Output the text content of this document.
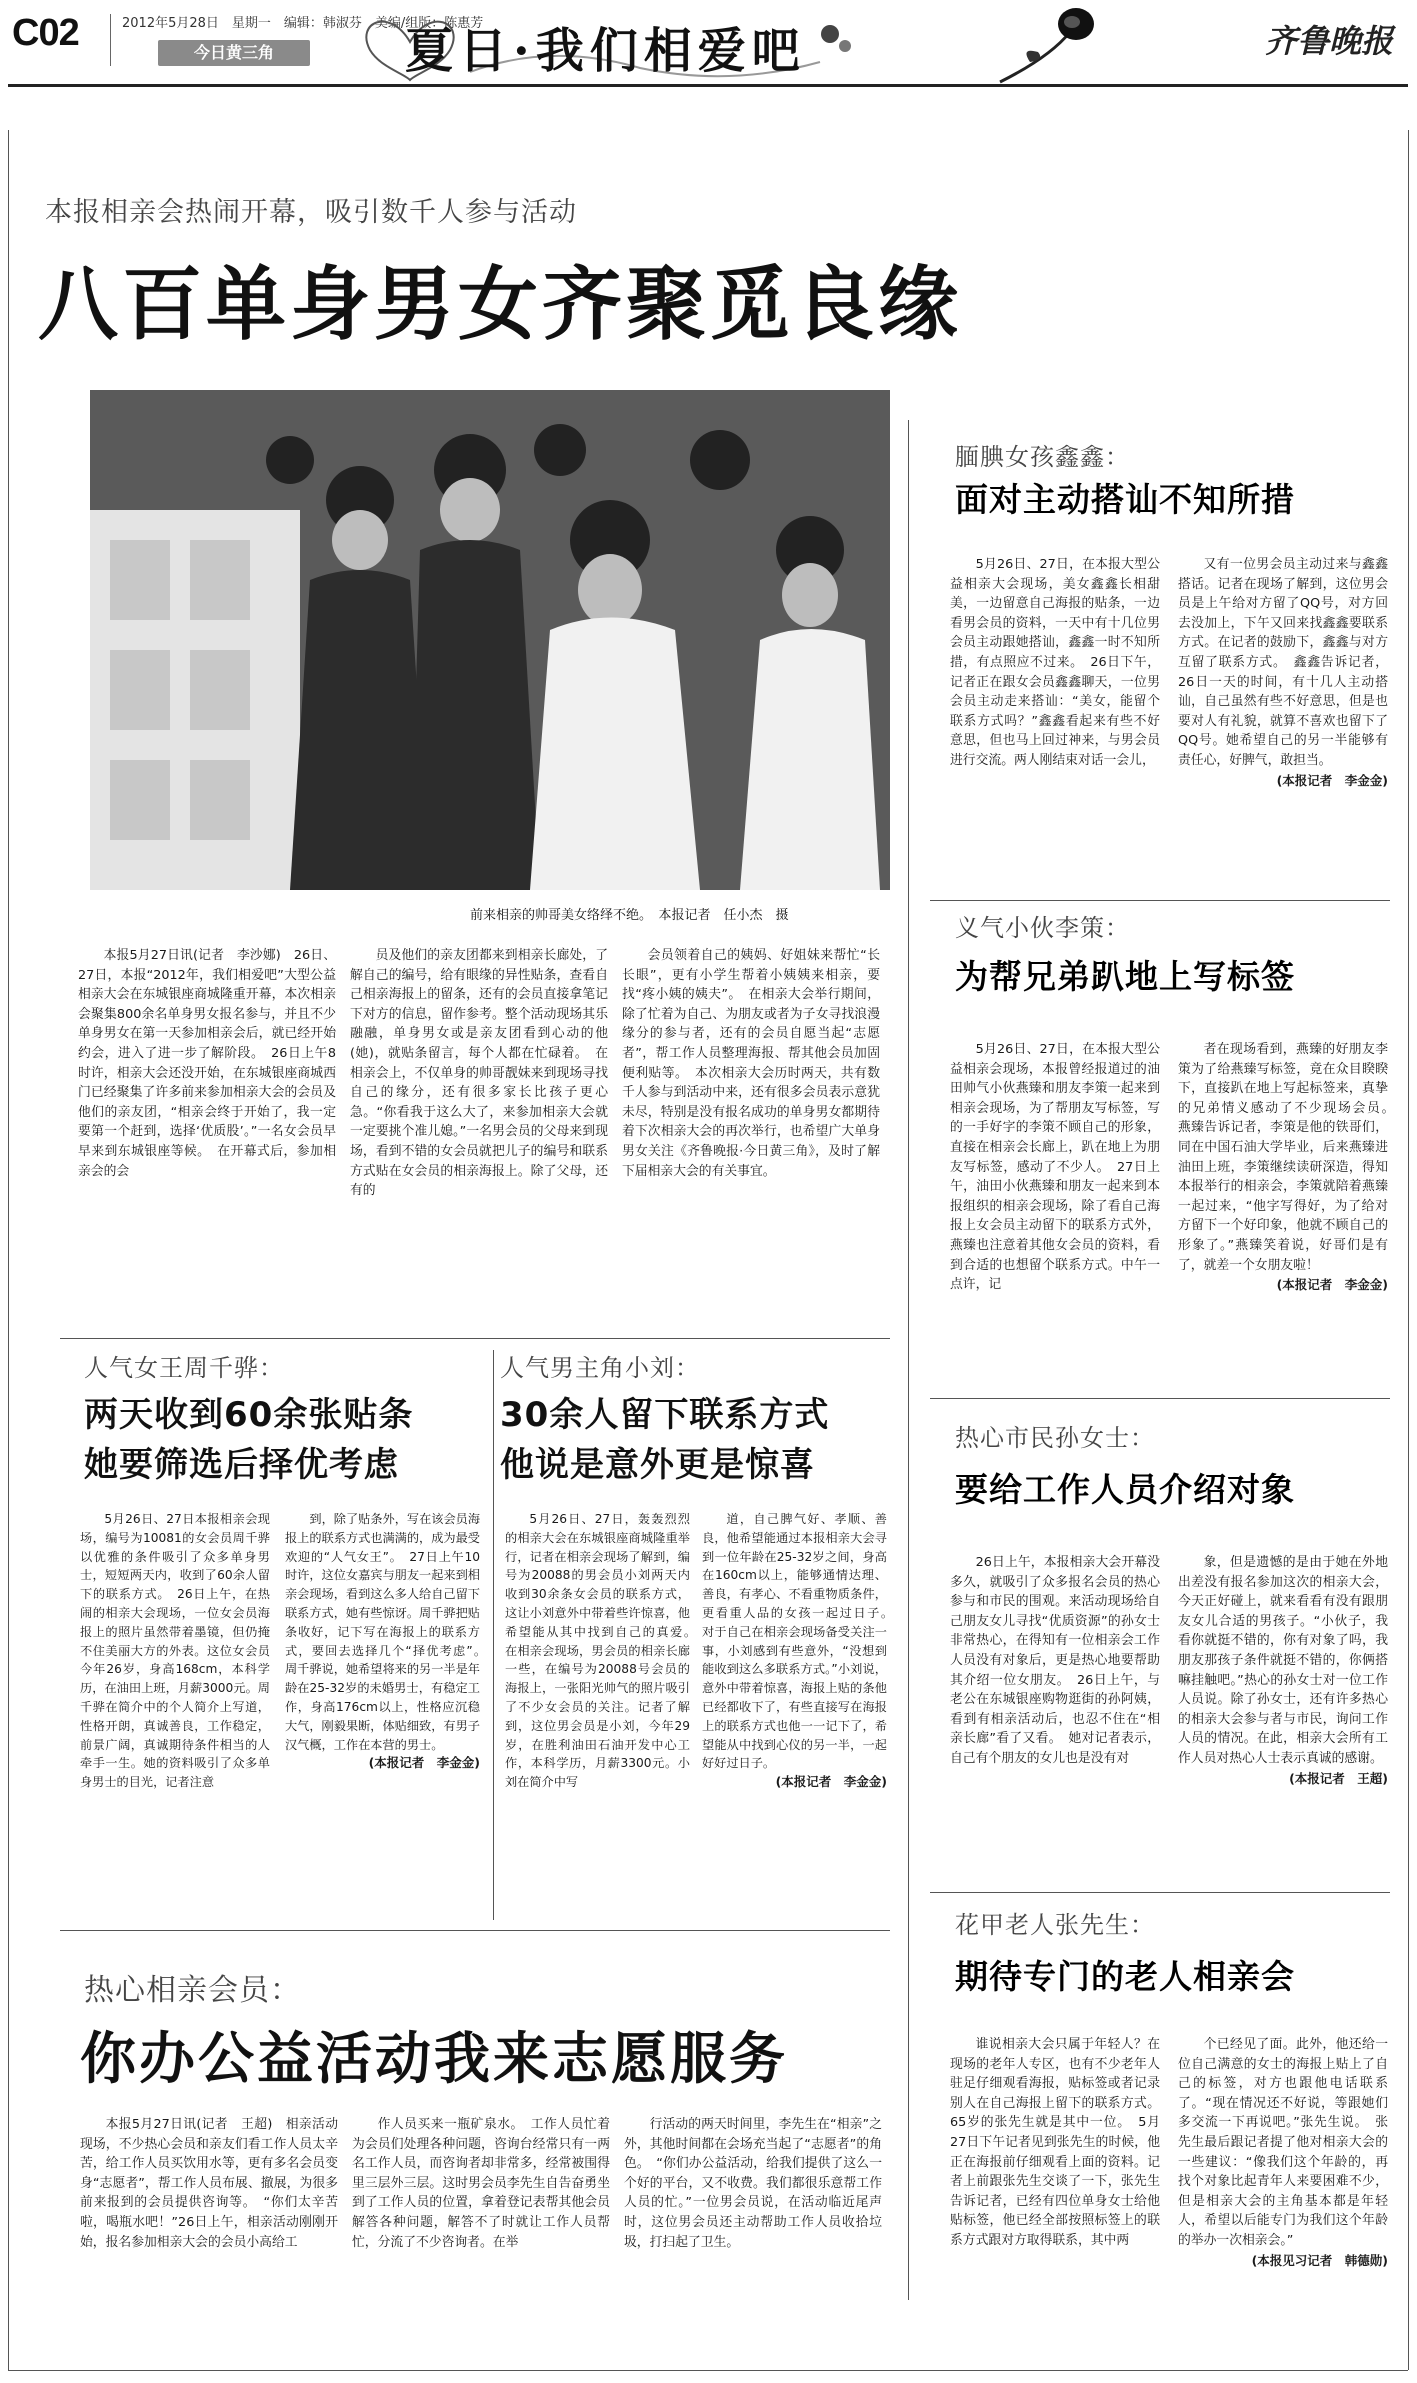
C02	2012年5月28日　星期一　编辑：韩淑芬　美编/组版：陈惠芳
今日黄三角	夏日·我们相爱吧	齐鲁晚报
本报相亲会热闹开幕，吸引数千人参与活动
八百单身男女齐聚觅良缘
前来相亲的帅哥美女络绎不绝。　本报记者　任小杰　摄

本报5月27日讯(记者　李沙娜)　26日、27日，本报“2012年，我们相爱吧”大型公益相亲大会在东城银座商城隆重开幕，本次相亲会聚集800余名单身男女报名参与，并且不少单身男女在第一天参加相亲会后，就已经开始约会，进入了进一步了解阶段。　26日上午8时许，相亲大会还没开始，在东城银座商城西门已经聚集了许多前来参加相亲大会的会员及他们的亲友团，“相亲会终于开始了，我一定要第一个赶到，选择‘优质股’。”一名女会员早早来到东城银座等候。　在开幕式后，参加相亲会的会

员及他们的亲友团都来到相亲长廊处，了解自己的编号，给有眼缘的异性贴条，查看自己相亲海报上的留条，还有的会员直接拿笔记下对方的信息，留作参考。整个活动现场其乐融融，单身男女或是亲友团看到心动的他(她)，就贴条留言，每个人都在忙碌着。　在相亲会上，不仅单身的帅哥靓妹来到现场寻找自己的缘分，还有很多家长比孩子更心急。“你看我于这么大了，来参加相亲大会就一定要挑个准儿媳。”一名男会员的父母来到现场，看到不错的女会员就把儿子的编号和联系方式贴在女会员的相亲海报上。除了父母，还有的

会员领着自己的姨妈、好姐妹来帮忙“长长眼”，更有小学生帮着小姨姨来相亲，要找“疼小姨的姨夫”。　在相亲大会举行期间，除了忙着为自己、为朋友或者为子女寻找浪漫缘分的参与者，还有的会员自愿当起“志愿者”，帮工作人员整理海报、帮其他会员加固便利贴等。　本次相亲大会历时两天，共有数千人参与到活动中来，还有很多会员表示意犹未尽，特别是没有报名成功的单身男女都期待着下次相亲大会的再次举行，也希望广大单身男女关注《齐鲁晚报·今日黄三角》，及时了解下届相亲大会的有关事宜。

腼腆女孩鑫鑫：
面对主动搭讪不知所措

5月26日、27日，在本报大型公益相亲大会现场，美女鑫鑫长相甜美，一边留意自己海报的贴条，一边看男会员的资料，一天中有十几位男会员主动跟她搭讪，鑫鑫一时不知所措，有点照应不过来。　26日下午，记者正在跟女会员鑫鑫聊天，一位男会员主动走来搭讪：“美女，能留个联系方式吗？”鑫鑫看起来有些不好意思，但也马上回过神来，与男会员进行交流。两人刚结束对话一会儿，

又有一位男会员主动过来与鑫鑫搭话。记者在现场了解到，这位男会员是上午给对方留了QQ号，对方回去没加上，下午又回来找鑫鑫要联系方式。在记者的鼓励下，鑫鑫与对方互留了联系方式。　鑫鑫告诉记者，26日一天的时间，有十几人主动搭讪，自己虽然有些不好意思，但是也要对人有礼貌，就算不喜欢也留下了QQ号。她希望自己的另一半能够有责任心，好脾气，敢担当。

(本报记者　李金金)

义气小伙李策：
为帮兄弟趴地上写标签

5月26日、27日，在本报大型公益相亲会现场，本报曾经报道过的油田帅气小伙燕臻和朋友李策一起来到相亲会现场，为了帮朋友写标签，写的一手好字的李策不顾自己的形象，直接在相亲会长廊上，趴在地上为朋友写标签，感动了不少人。　27日上午，油田小伙燕臻和朋友一起来到本报组织的相亲会现场，除了看自己海报上女会员主动留下的联系方式外，燕臻也注意着其他女会员的资料，看到合适的也想留个联系方式。中午一点许，记

者在现场看到，燕臻的好朋友李策为了给燕臻写标签，竟在众目睽睽下，直接趴在地上写起标签来，真挚的兄弟情义感动了不少现场会员。　燕臻告诉记者，李策是他的铁哥们，同在中国石油大学毕业，后来燕臻进油田上班，李策继续读研深造，得知本报举行的相亲会，李策就陪着燕臻一起过来，“他字写得好，为了给对方留下一个好印象，他就不顾自己的形象了。”燕臻笑着说，好哥们是有了，就差一个女朋友啦！

(本报记者　李金金)

热心市民孙女士：
要给工作人员介绍对象

26日上午，本报相亲大会开幕没多久，就吸引了众多报名会员的热心参与和市民的围观。来活动现场给自己朋友女儿寻找“优质资源”的孙女士非常热心，在得知有一位相亲会工作人员没有对象后，更是热心地要帮助其介绍一位女朋友。　26日上午，与老公在东城银座购物逛街的孙阿姨，看到有相亲活动后，也忍不住在“相亲长廊”看了又看。　她对记者表示，自己有个朋友的女儿也是没有对

象，但是遗憾的是由于她在外地出差没有报名参加这次的相亲大会，今天正好碰上，就来看看有没有跟朋友女儿合适的男孩子。“小伙子，我看你就挺不错的，你有对象了吗，我朋友那孩子条件就挺不错的，你俩搭嘛挂触吧。”热心的孙女士对一位工作人员说。除了孙女士，还有许多热心的相亲大会参与者与市民，询问工作人员的情况。在此，相亲大会所有工作人员对热心人士表示真诚的感谢。

(本报记者　王超)

花甲老人张先生：
期待专门的老人相亲会

谁说相亲大会只属于年轻人？在现场的老年人专区，也有不少老年人驻足仔细观看海报，贴标签或者记录别人在自己海报上留下的联系方式。65岁的张先生就是其中一位。　5月27日下午记者见到张先生的时候，他正在海报前仔细观看上面的资料。记者上前跟张先生交谈了一下，张先生告诉记者，已经有四位单身女士给他贴标签，他已经全部按照标签上的联系方式跟对方取得联系，其中两

个已经见了面。此外，他还给一位自己满意的女士的海报上贴上了自己的标签，对方也跟他电话联系了。“现在情况还不好说，等跟她们多交流一下再说吧。”张先生说。　张先生最后跟记者提了他对相亲大会的一些建议：“像我们这个年龄的，再找个对象比起青年人来要困难不少，但是相亲大会的主角基本都是年轻人，希望以后能专门为我们这个年龄的举办一次相亲会。”

(本报见习记者　韩德勋)

人气女王周千骅：
两天收到60余张贴条
她要筛选后择优考虑

5月26日、27日本报相亲会现场，编号为10081的女会员周千骅以优雅的条件吸引了众多单身男士，短短两天内，收到了60余人留下的联系方式。　26日上午，在热闹的相亲大会现场，一位女会员海报上的照片虽然带着墨镜，但仍掩不住美丽大方的外表。这位女会员今年26岁，身高168cm，本科学历，在油田上班，月薪3000元。周千骅在简介中的个人简介上写道，性格开朗，真诚善良，工作稳定，前景广阔，真诚期待条件相当的人牵手一生。她的资料吸引了众多单身男士的目光，记者注意

到，除了贴条外，写在该会员海报上的联系方式也满满的，成为最受欢迎的“人气女王”。　27日上午10时许，这位女嘉宾与朋友一起来到相亲会现场，看到这么多人给自己留下联系方式，她有些惊讶。周千骅把贴条收好，记下写在海报上的联系方式，要回去选择几个“择优考虑”。　周千骅说，她希望将来的另一半是年龄在25-32岁的未婚男士，有稳定工作，身高176cm以上，性格应沉稳大气，刚毅果断，体贴细致，有男子汉气概，工作在本营的男士。

(本报记者　李金金)

人气男主角小刘：
30余人留下联系方式
他说是意外更是惊喜

5月26日、27日，轰轰烈烈的相亲大会在东城银座商城隆重举行，记者在相亲会现场了解到，编号为20088的男会员小刘两天内收到30余条女会员的联系方式，这让小刘意外中带着些许惊喜，他希望能从其中找到自己的真爱。　在相亲会现场，男会员的相亲长廊一些，在编号为20088号会员的海报上，一张阳光帅气的照片吸引了不少女会员的关注。记者了解到，这位男会员是小刘，今年29岁，在胜利油田石油开发中心工作，本科学历，月薪3300元。小刘在简介中写

道，自己脾气好、孝顺、善良，他希望能通过本报相亲大会寻到一位年龄在25-32岁之间，身高在160cm以上，能够通情达理、善良，有孝心、不看重物质条件，更看重人品的女孩一起过日子。　对于自己在相亲会现场备受关注一事，小刘感到有些意外，“没想到能收到这么多联系方式。”小刘说，意外中带着惊喜，海报上贴的条他已经都收下了，有些直接写在海报上的联系方式也他一一记下了，希望能从中找到心仪的另一半，一起好好过日子。

(本报记者　李金金)

热心相亲会员：
你办公益活动我来志愿服务

本报5月27日讯(记者　王超)　相亲活动现场，不少热心会员和亲友们看工作人员太辛苦，给工作人员买饮用水等，更有多名会员变身“志愿者”，帮工作人员布展、撤展，为很多前来报到的会员提供咨询等。　“你们太辛苦啦，喝瓶水吧！”26日上午，相亲活动刚刚开始，报名参加相亲大会的会员小高给工

作人员买来一瓶矿泉水。　工作人员忙着为会员们处理各种问题，咨询台经常只有一两名工作人员，而咨询者却非常多，经常被围得里三层外三层。这时男会员李先生自告奋勇坐到了工作人员的位置，拿着登记表帮其他会员解答各种问题，解答不了时就让工作人员帮忙，分流了不少咨询者。在举

行活动的两天时间里，李先生在“相亲”之外，其他时间都在会场充当起了“志愿者”的角色。　“你们办公益活动，给我们提供了这么一个好的平台，又不收费。我们都很乐意帮工作人员的忙。”一位男会员说，在活动临近尾声时，这位男会员还主动帮助工作人员收拾垃圾，打扫起了卫生。
